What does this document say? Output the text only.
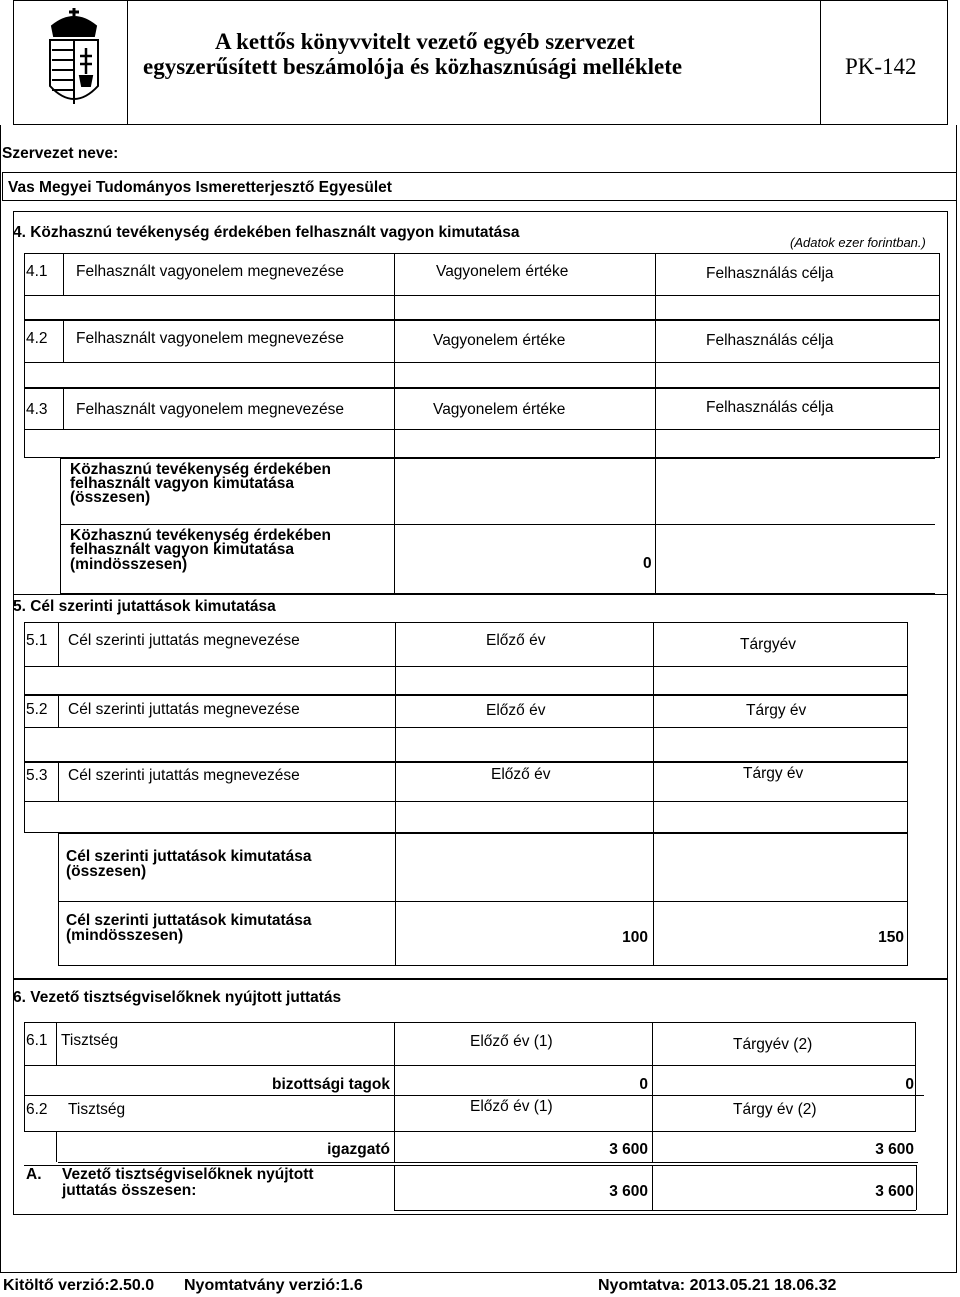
A kettős könyvvitelt vezető egyéb szervezet
egyszerűsített beszámolója és közhasznúsági melléklete	PK-142
Szervezet neve:
Vas Megyei Tudományos Ismeretterjesztő Egyesület
4. Közhasznú tevékenység érdekében felhasznált vagyon kimutatása
(Adatok ezer forintban.)
4.1 Felhasznált vagyonelem megnevezése	Vagyonelem értéke	Felhasználás célja
4.2 Felhasznált vagyonelem megnevezése	Vagyonelem értéke	Felhasználás célja
4.3 Felhasznált vagyonelem megnevezése	Vagyonelem értéke	Felhasználás célja
Közhasznú tevékenység érdekében
felhasznált vagyon kimutatása
(összesen)
Közhasznú tevékenység érdekében
felhasznált vagyon kimutatása
(mindösszesen)	0
5. Cél szerinti jutattások kimutatása
5.1 Cél szerinti juttatás megnevezése	Előző év	Tárgyév
5.2 Cél szerinti juttatás megnevezése	Előző év	Tárgy év
5.3 Cél szerinti jutattás megnevezése	Előző év	Tárgy év
Cél szerinti juttatások kimutatása
(összesen)
Cél szerinti juttatások kimutatása
(mindösszesen)	100	150
6. Vezető tisztségviselőknek nyújtott juttatás
6.1 Tisztség	Előző év (1)	Tárgyév (2)
bizottsági tagok	0	0
6.2 Tisztség	Előző év (1)	Tárgy év (2)
igazgató	3 600	3 600
A. Vezető tisztségviselőknek nyújtott
juttatás összesen:	3 600	3 600
Kitöltő verzió:2.50.0 Nyomtatvány verzió:1.6	Nyomtatva: 2013.05.21 18.06.32
